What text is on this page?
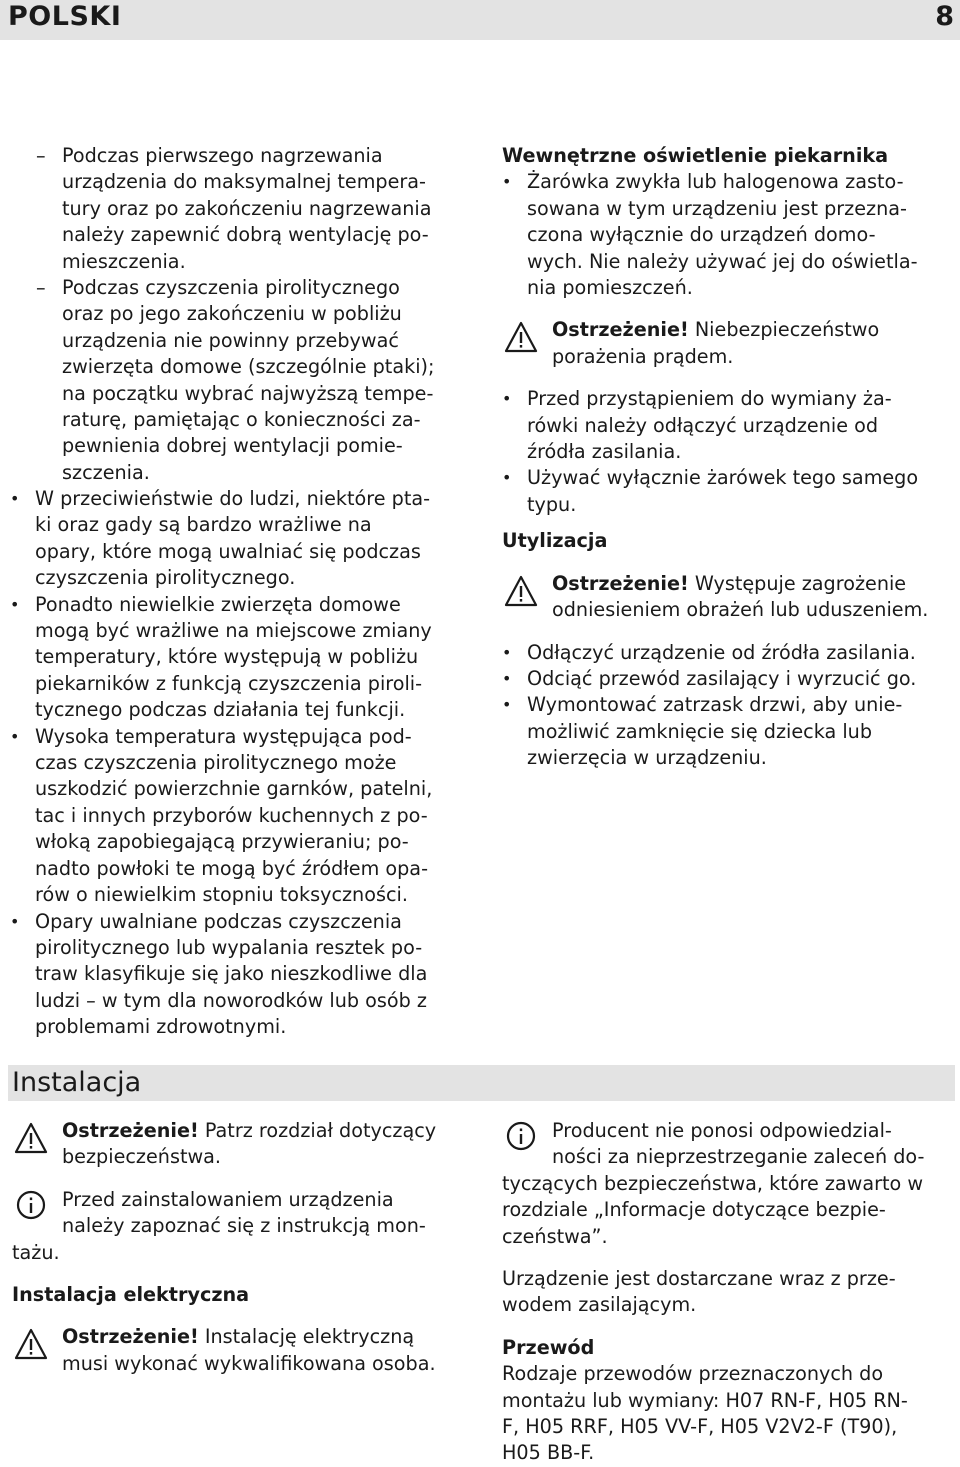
POLSKI	8
– Podczas pierwszego nagrzewania

urządzenia do maksymalnej tempera-

tury oraz po zakończeniu nagrzewania

należy zapewnić dobrą wentylację po-

mieszczenia.

– Podczas czyszczenia pirolitycznego

oraz po jego zakończeniu w pobliżu

urządzenia nie powinny przebywać

zwierzęta domowe (szczególnie ptaki);

na początku wybrać najwyższą tempe-

raturę, pamiętając o konieczności za-

pewnienia dobrej wentylacji pomie-

szczenia.

• W przeciwieństwie do ludzi, niektóre pta-

ki oraz gady są bardzo wrażliwe na

opary, które mogą uwalniać się podczas

czyszczenia pirolitycznego.

• Ponadto niewielkie zwierzęta domowe

mogą być wrażliwe na miejscowe zmiany

temperatury, które występują w pobliżu

piekarników z funkcją czyszczenia piroli-

tycznego podczas działania tej funkcji.

• Wysoka temperatura występująca pod-

czas czyszczenia pirolitycznego może

uszkodzić powierzchnie garnków, patelni,

tac i innych przyborów kuchennych z po-

włoką zapobiegającą przywieraniu; po-

nadto powłoki te mogą być źródłem opa-

rów o niewielkim stopniu toksyczności.

• Opary uwalniane podczas czyszczenia

pirolitycznego lub wypalania resztek po-

traw klasyfikuje się jako nieszkodliwe dla

ludzi – w tym dla noworodków lub osób z

problemami zdrowotnymi.

Wewnętrzne oświetlenie piekarnika

• Żarówka zwykła lub halogenowa zasto-

sowana w tym urządzeniu jest przezna-

czona wyłącznie do urządzeń domo-

wych. Nie należy używać jej do oświetla-

nia pomieszczeń.

Ostrzeżenie! Niebezpieczeństwo

porażenia prądem.

• Przed przystąpieniem do wymiany ża-

rówki należy odłączyć urządzenie od

źródła zasilania.

• Używać wyłącznie żarówek tego samego

typu.

Utylizacja

Ostrzeżenie! Występuje zagrożenie

odniesieniem obrażeń lub uduszeniem.

• Odłączyć urządzenie od źródła zasilania.

• Odciąć przewód zasilający i wyrzucić go.

• Wymontować zatrzask drzwi, aby unie-

możliwić zamknięcie się dziecka lub

zwierzęcia w urządzeniu.

Instalacja

Ostrzeżenie! Patrz rozdział dotyczący

bezpieczeństwa.

Przed zainstalowaniem urządzenia

należy zapoznać się z instrukcją mon-

tażu.

Instalacja elektryczna

Ostrzeżenie! Instalację elektryczną

musi wykonać wykwalifikowana osoba.

Producent nie ponosi odpowiedzial-

ności za nieprzestrzeganie zaleceń do-

tyczących bezpieczeństwa, które zawarto w

rozdziale „Informacje dotyczące bezpie-

czeństwa”.

Urządzenie jest dostarczane wraz z prze-

wodem zasilającym.

Przewód

Rodzaje przewodów przeznaczonych do

montażu lub wymiany: H07 RN-F, H05 RN-

F, H05 RRF, H05 VV-F, H05 V2V2-F (T90),

H05 BB-F.
